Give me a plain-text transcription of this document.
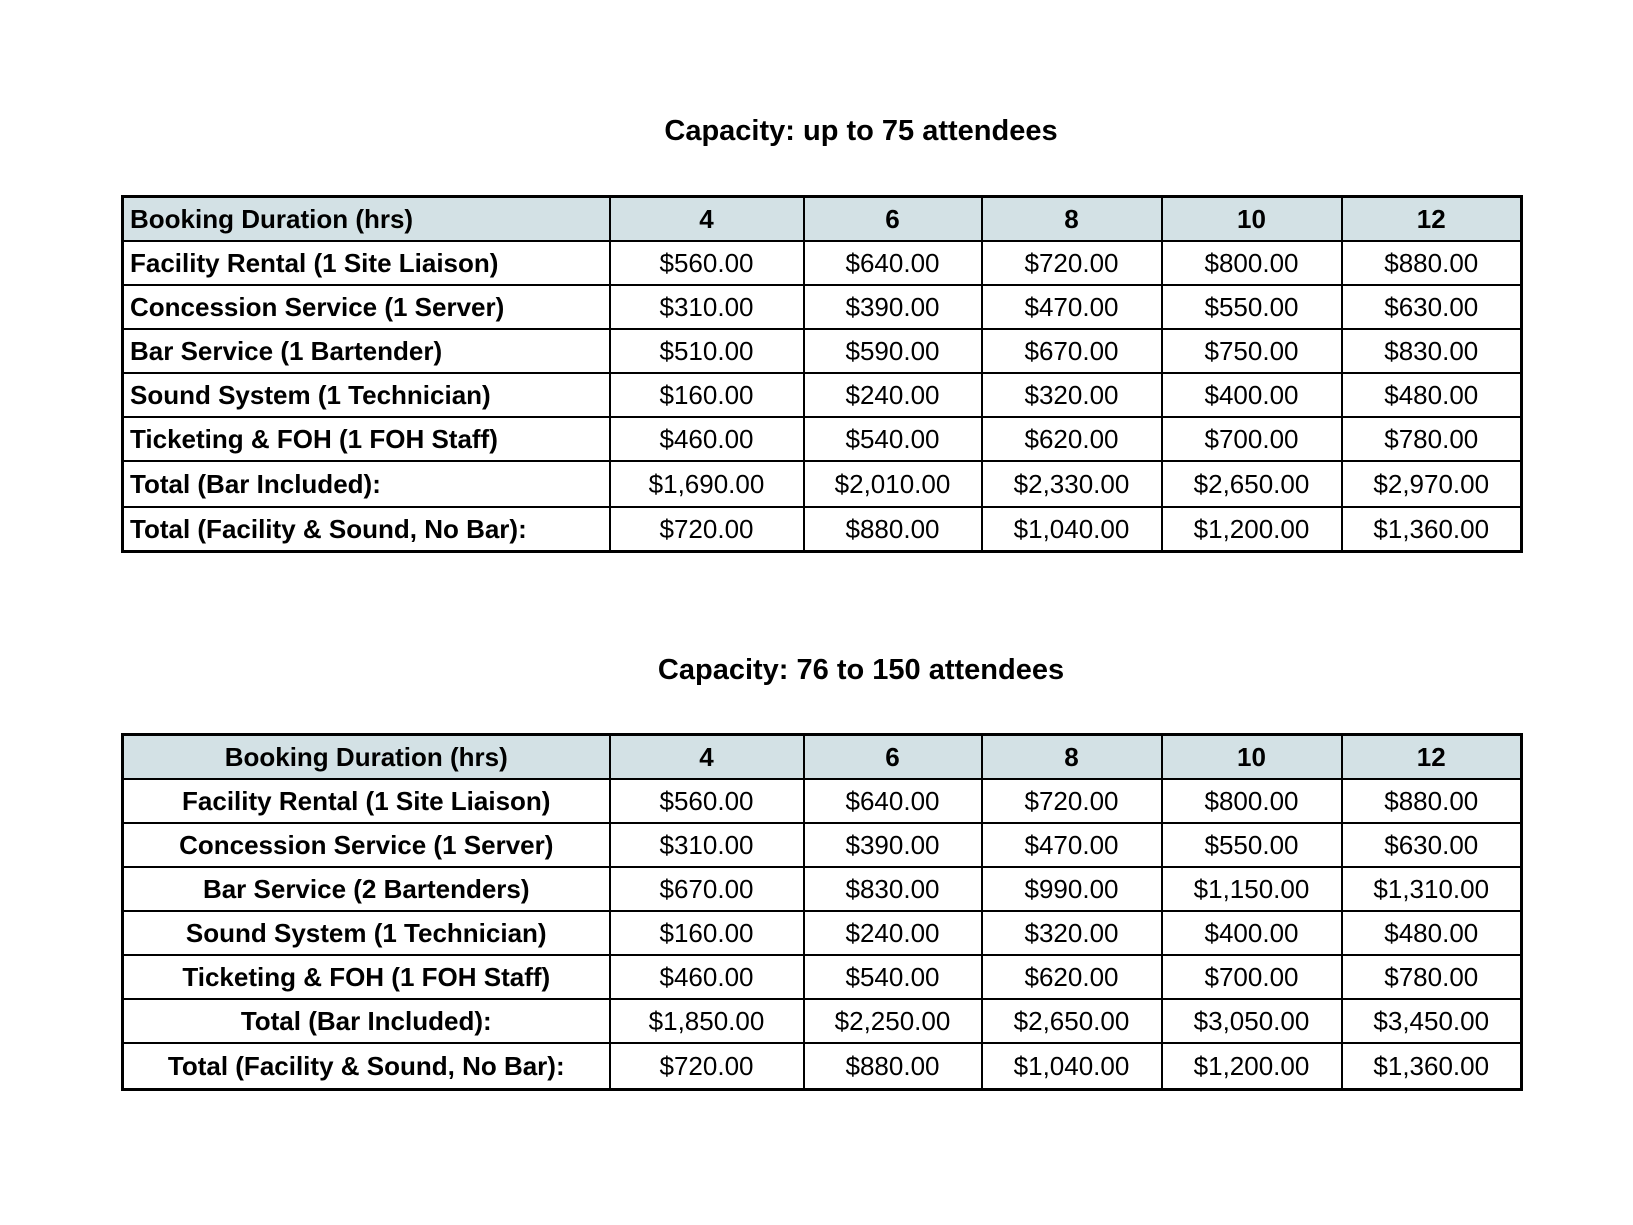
Capacity: up to 75 attendees
Booking Duration (hrs)	4	6	8	10	12
Facility Rental (1 Site Liaison)	$560.00	$640.00	$720.00	$800.00	$880.00
Concession Service (1 Server)	$310.00	$390.00	$470.00	$550.00	$630.00
Bar Service (1 Bartender)	$510.00	$590.00	$670.00	$750.00	$830.00
Sound System (1 Technician)	$160.00	$240.00	$320.00	$400.00	$480.00
Ticketing & FOH (1 FOH Staff)	$460.00	$540.00	$620.00	$700.00	$780.00
Total (Bar Included):	$1,690.00	$2,010.00	$2,330.00	$2,650.00	$2,970.00
Total (Facility & Sound, No Bar):	$720.00	$880.00	$1,040.00	$1,200.00	$1,360.00
Capacity: 76 to 150 attendees
Booking Duration (hrs)	4	6	8	10	12
Facility Rental (1 Site Liaison)	$560.00	$640.00	$720.00	$800.00	$880.00
Concession Service (1 Server)	$310.00	$390.00	$470.00	$550.00	$630.00
Bar Service (2 Bartenders)	$670.00	$830.00	$990.00	$1,150.00	$1,310.00
Sound System (1 Technician)	$160.00	$240.00	$320.00	$400.00	$480.00
Ticketing & FOH (1 FOH Staff)	$460.00	$540.00	$620.00	$700.00	$780.00
Total (Bar Included):	$1,850.00	$2,250.00	$2,650.00	$3,050.00	$3,450.00
Total (Facility & Sound, No Bar):	$720.00	$880.00	$1,040.00	$1,200.00	$1,360.00
